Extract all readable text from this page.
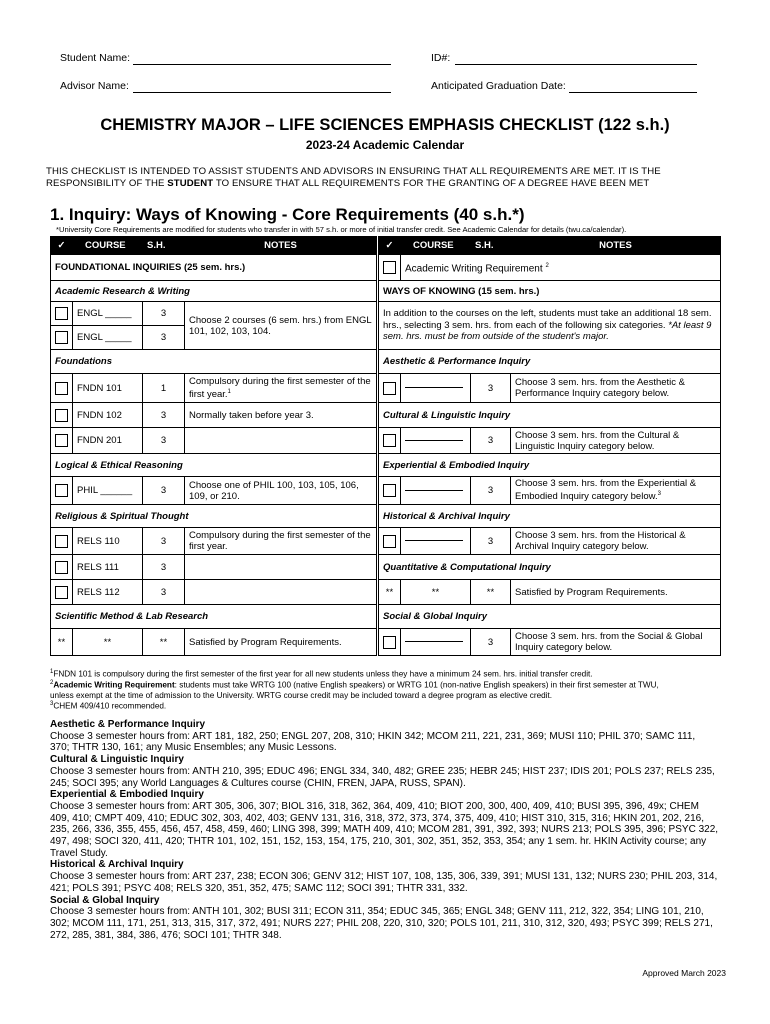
Student Name:	ID#:
Advisor Name:	Anticipated Graduation Date:
CHEMISTRY MAJOR – LIFE SCIENCES EMPHASIS CHECKLIST (122 s.h.)
2023-24 Academic Calendar
THIS CHECKLIST IS INTENDED TO ASSIST STUDENTS AND ADVISORS IN ENSURING THAT ALL REQUIREMENTS ARE MET. IT IS THE
RESPONSIBILITY OF THE STUDENT TO ENSURE THAT ALL REQUIREMENTS FOR THE GRANTING OF A DEGREE HAVE BEEN MET
1. Inquiry: Ways of Knowing - Core Requirements (40 s.h.*)
*University Core Requirements are modified for students who transfer in with 57 s.h. or more of initial transfer credit. See Academic Calendar for details (twu.ca/calendar).
✓	COURSE	S.H.	NOTES
FOUNDATIONAL INQUIRIES (25 sem. hrs.)			
Academic Research & Writing			
	ENGL _____	3	Choose 2 courses (6 sem. hrs.) from ENGL 101, 102, 103, 104.
	ENGL _____	3	
Foundations			
	FNDN 101	1	Compulsory during the first semester of the first year.$^1$
	FNDN 102	3	Normally taken before year 3.
	FNDN 201	3	
Logical & Ethical Reasoning			
	PHIL ______	3	Choose one of PHIL 100, 103, 105, 106, 109, or 210.
Religious & Spiritual Thought			
	RELS 110	3	Compulsory during the first semester of the first year.
	RELS 111	3	
	RELS 112	3	
Scientific Method & Lab Research			
**	**	**	Satisfied by Program Requirements.
✓	COURSE	S.H.	NOTES
	Academic Writing Requirement $^2$
WAYS OF KNOWING (15 sem. hrs.)			
In addition to the courses on the left, students must take an additional 18 sem. hrs., selecting 3 sem. hrs. from each of the following six categories. *At least 9 sem. hrs. must be from outside of the student's major.			
Aesthetic & Performance Inquiry			
		3	Choose 3 sem. hrs. from the Aesthetic & Performance Inquiry category below.
Cultural & Linguistic Inquiry			
		3	Choose 3 sem. hrs. from the Cultural & Linguistic Inquiry category below.
Experiential & Embodied Inquiry			
		3	Choose 3 sem. hrs. from the Experiential & Embodied Inquiry category below.$^3$
Historical & Archival Inquiry			
		3	Choose 3 sem. hrs. from the Historical & Archival Inquiry category below.
Quantitative & Computational Inquiry			
**	**	**	Satisfied by Program Requirements.
Social & Global Inquiry			
		3	Choose 3 sem. hrs. from the Social & Global Inquiry category below.
$^1$FNDN 101 is compulsory during the first semester of the first year for all new students unless they have a minimum 24 sem. hrs. initial transfer credit.
$^2$Academic Writing Requirement: students must take WRTG 100 (native English speakers) or WRTG 101 (non-native English speakers) in their first semester at TWU,
unless exempt at the time of admission to the University. WRTG course credit may be included toward a degree program as elective credit.
$^3$CHEM 409/410 recommended.
Aesthetic & Performance Inquiry
Choose 3 semester hours from: ART 181, 182, 250; ENGL 207, 208, 310; HKIN 342; MCOM 211, 221, 231, 369; MUSI 110; PHIL 370; SAMC 111,
370; THTR 130, 161; any Music Ensembles; any Music Lessons.
Cultural & Linguistic Inquiry
Choose 3 semester hours from: ANTH 210, 395; EDUC 496; ENGL 334, 340, 482; GREE 235; HEBR 245; HIST 237; IDIS 201; POLS 237; RELS 235,
245; SOCI 395; any World Languages & Cultures course (CHIN, FREN, JAPA, RUSS, SPAN).
Experiential & Embodied Inquiry
Choose 3 semester hours from: ART 305, 306, 307; BIOL 316, 318, 362, 364, 409, 410; BIOT 200, 300, 400, 409, 410; BUSI 395, 396, 49x; CHEM
409, 410; CMPT 409, 410; EDUC 302, 303, 402, 403; GENV 131, 316, 318, 372, 373, 374, 375, 409, 410; HIST 310, 315, 316; HKIN 201, 202, 216,
235, 266, 336, 355, 455, 456, 457, 458, 459, 460; LING 398, 399; MATH 409, 410; MCOM 281, 391, 392, 393; NURS 213; POLS 395, 396; PSYC 322,
497, 498; SOCI 320, 411, 420; THTR 101, 102, 151, 152, 153, 154, 175, 210, 301, 302, 351, 352, 353, 354; any 1 sem. hr. HKIN Activity course; any
Travel Study.
Historical & Archival Inquiry
Choose 3 semester hours from: ART 237, 238; ECON 306; GENV 312; HIST 107, 108, 135, 306, 339, 391; MUSI 131, 132; NURS 230; PHIL 203, 314,
421; POLS 391; PSYC 408; RELS 320, 351, 352, 475; SAMC 112; SOCI 391; THTR 331, 332.
Social & Global Inquiry
Choose 3 semester hours from: ANTH 101, 302; BUSI 311; ECON 311, 354; EDUC 345, 365; ENGL 348; GENV 111, 212, 322, 354; LING 101, 210,
302; MCOM 111, 171, 251, 313, 315, 317, 372, 491; NURS 227; PHIL 208, 220, 310, 320; POLS 101, 211, 310, 312, 320, 493; PSYC 399; RELS 271,
272, 285, 381, 384, 386, 476; SOCI 101; THTR 348.
Approved March 2023
